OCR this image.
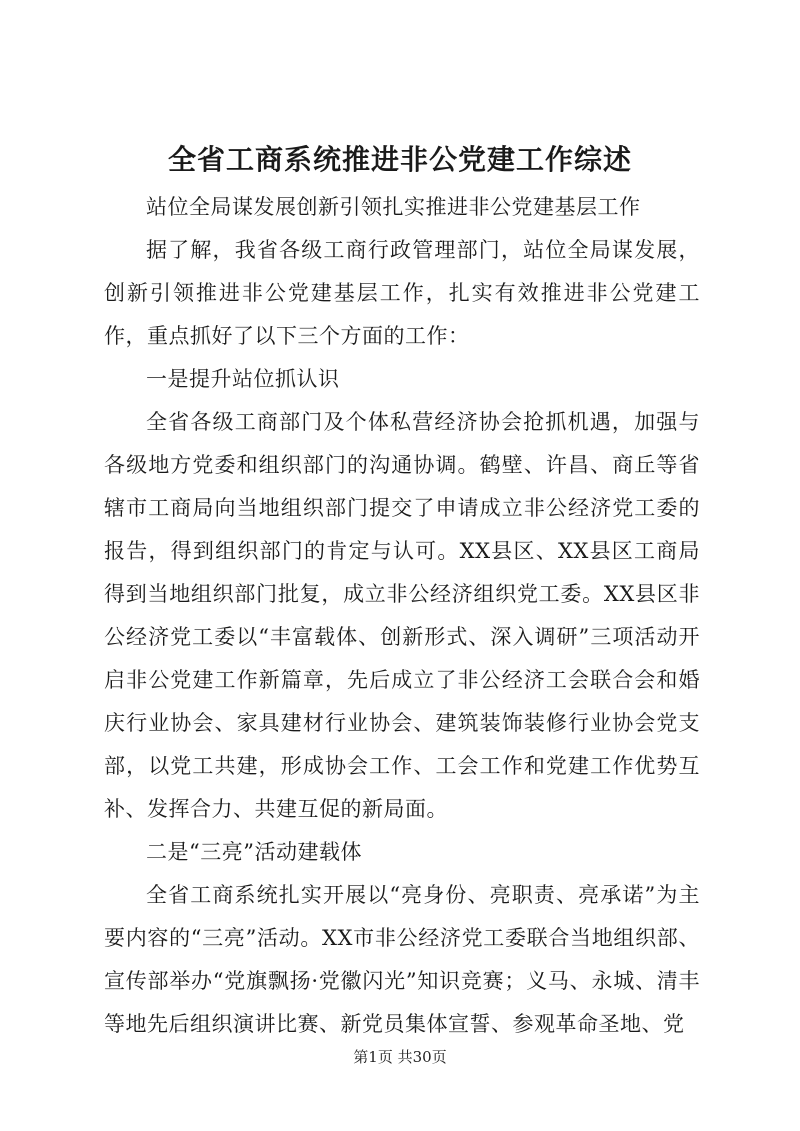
全省工商系统推进非公党建工作综述

站位全局谋发展创新引领扎实推进非公党建基层工作

据了解，我省各级工商行政管理部门，站位全局谋发展，创新引领推进非公党建基层工作，扎实有效推进非公党建工作，重点抓好了以下三个方面的工作：

一是提升站位抓认识

全省各级工商部门及个体私营经济协会抢抓机遇，加强与各级地方党委和组织部门的沟通协调。鹤壁、许昌、商丘等省辖市工商局向当地组织部门提交了申请成立非公经济党工委的报告，得到组织部门的肯定与认可。XX县区、XX县区工商局得到当地组织部门批复，成立非公经济组织党工委。XX县区非公经济党工委以“丰富载体、创新形式、深入调研”三项活动开启非公党建工作新篇章，先后成立了非公经济工会联合会和婚庆行业协会、家具建材行业协会、建筑装饰装修行业协会党支部，以党工共建，形成协会工作、工会工作和党建工作优势互补、发挥合力、共建互促的新局面。

二是“三亮”活动建载体

全省工商系统扎实开展以“亮身份、亮职责、亮承诺”为主要内容的“三亮”活动。XX市非公经济党工委联合当地组织部、宣传部举办“党旗飘扬·党徽闪光”知识竞赛；义马、永城、清丰等地先后组织演讲比赛、新党员集体宣誓、参观革命圣地、党

第1页 共30页
